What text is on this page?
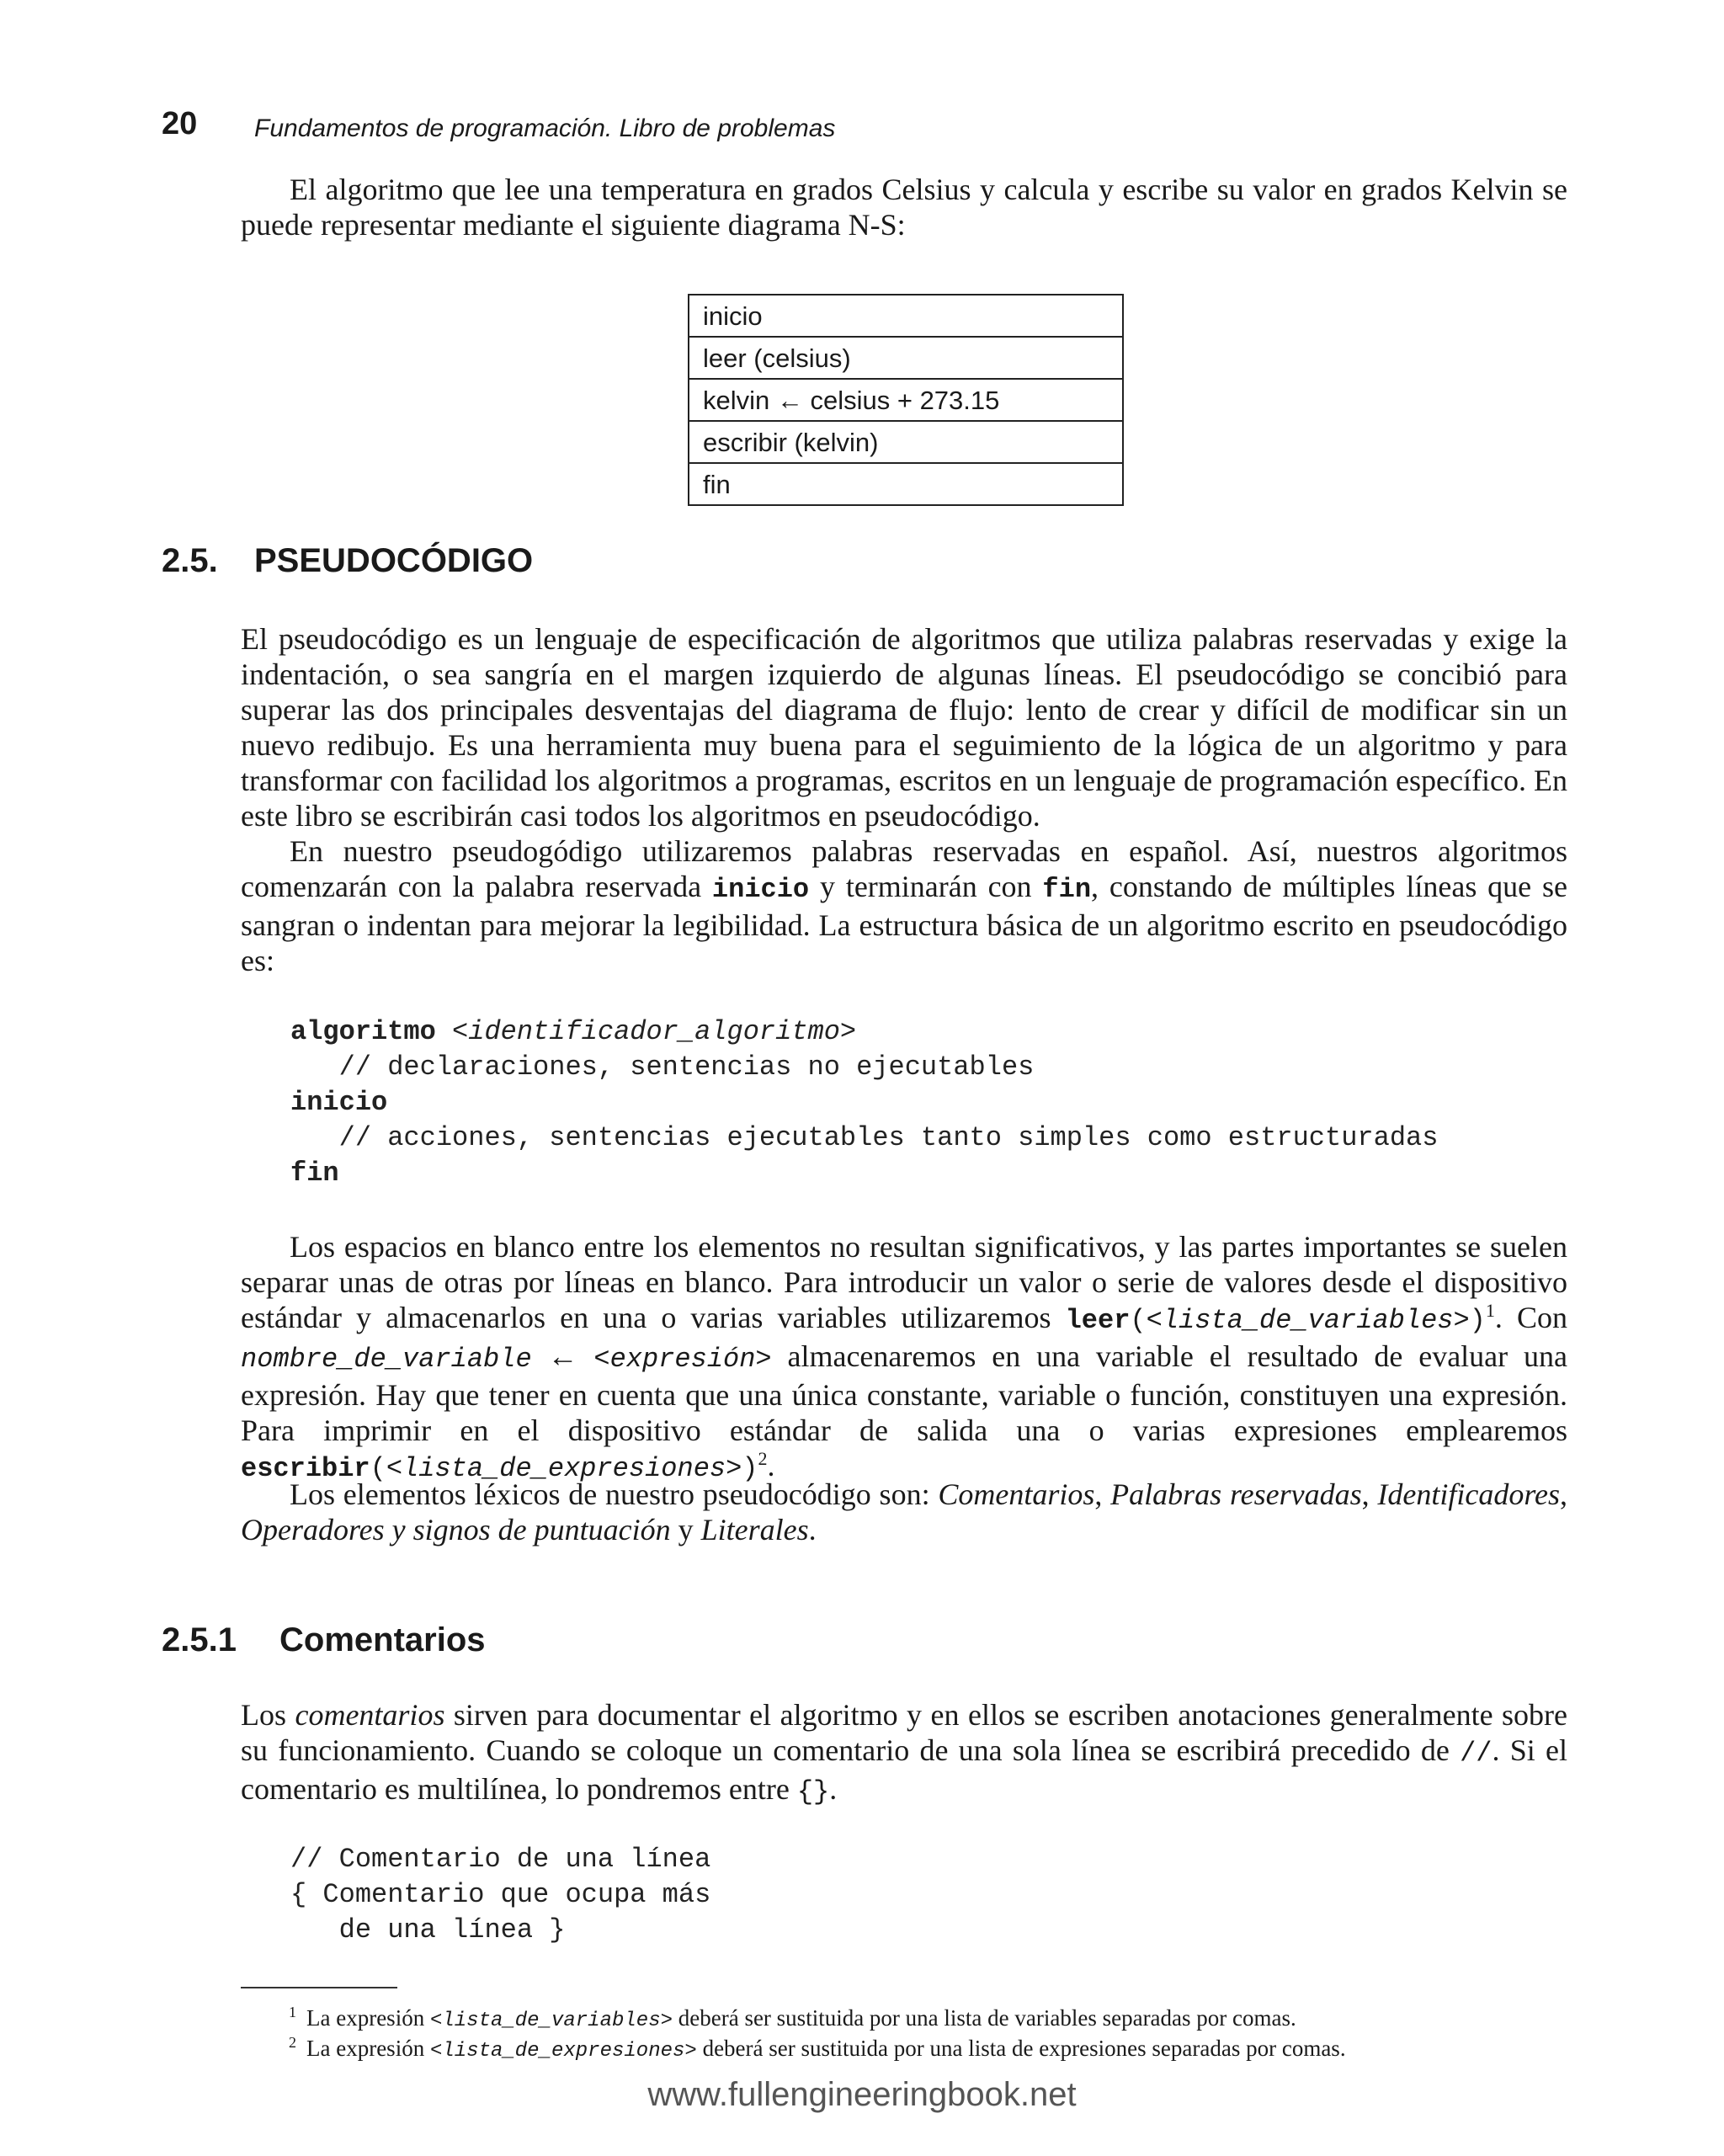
20 Fundamentos de programación. Libro de problemas

El algoritmo que lee una temperatura en grados Celsius y calcula y escribe su valor en grados Kelvin se puede representar mediante el siguiente diagrama N-S:

inicio
leer (celsius)
kelvin ← celsius + 273.15
escribir (kelvin)
fin
2.5. PSEUDOCÓDIGO

El pseudocódigo es un lenguaje de especificación de algoritmos que utiliza palabras reservadas y exige la indentación, o sea sangría en el margen izquierdo de algunas líneas. El pseudocódigo se concibió para superar las dos principales desventajas del diagrama de flujo: lento de crear y difícil de modificar sin un nuevo redibujo. Es una herramienta muy buena para el seguimiento de la lógica de un algoritmo y para transformar con facilidad los algoritmos a programas, escritos en un lenguaje de programación específico. En este libro se escribirán casi todos los algoritmos en pseudocódigo.

En nuestro pseudogódigo utilizaremos palabras reservadas en español. Así, nuestros algoritmos comenzarán con la palabra reservada inicio y terminarán con fin, constando de múltiples líneas que se sangran o indentan para mejorar la legibilidad. La estructura básica de un algoritmo escrito en pseudocódigo es:

algoritmo <identificador_algoritmo>
// declaraciones, sentencias no ejecutables
inicio
// acciones, sentencias ejecutables tanto simples como estructuradas
fin

Los espacios en blanco entre los elementos no resultan significativos, y las partes importantes se suelen separar unas de otras por líneas en blanco. Para introducir un valor o serie de valores desde el dispositivo estándar y almacenarlos en una o varias variables utilizaremos leer(<lista_de_variables>)$^1$. Con nombre_de_variable ← <expresión> almacenaremos en una variable el resultado de evaluar una expresión. Hay que tener en cuenta que una única constante, variable o función, constituyen una expresión. Para imprimir en el dispositivo estándar de salida una o varias expresiones emplearemos escribir(<lista_de_expresiones>)$^2$.

Los elementos léxicos de nuestro pseudocódigo son: Comentarios, Palabras reservadas, Identificadores, Operadores y signos de puntuación y Literales.

2.5.1 Comentarios

Los comentarios sirven para documentar el algoritmo y en ellos se escriben anotaciones generalmente sobre su funcionamiento. Cuando se coloque un comentario de una sola línea se escribirá precedido de //. Si el comentario es multilínea, lo pondremos entre {}.

// Comentario de una línea
{ Comentario que ocupa más
de una línea }
$^1$ La expresión <lista_de_variables> deberá ser sustituida por una lista de variables separadas por comas.
$^2$ La expresión <lista_de_expresiones> deberá ser sustituida por una lista de expresiones separadas por comas.
www.fullengineeringbook.net
